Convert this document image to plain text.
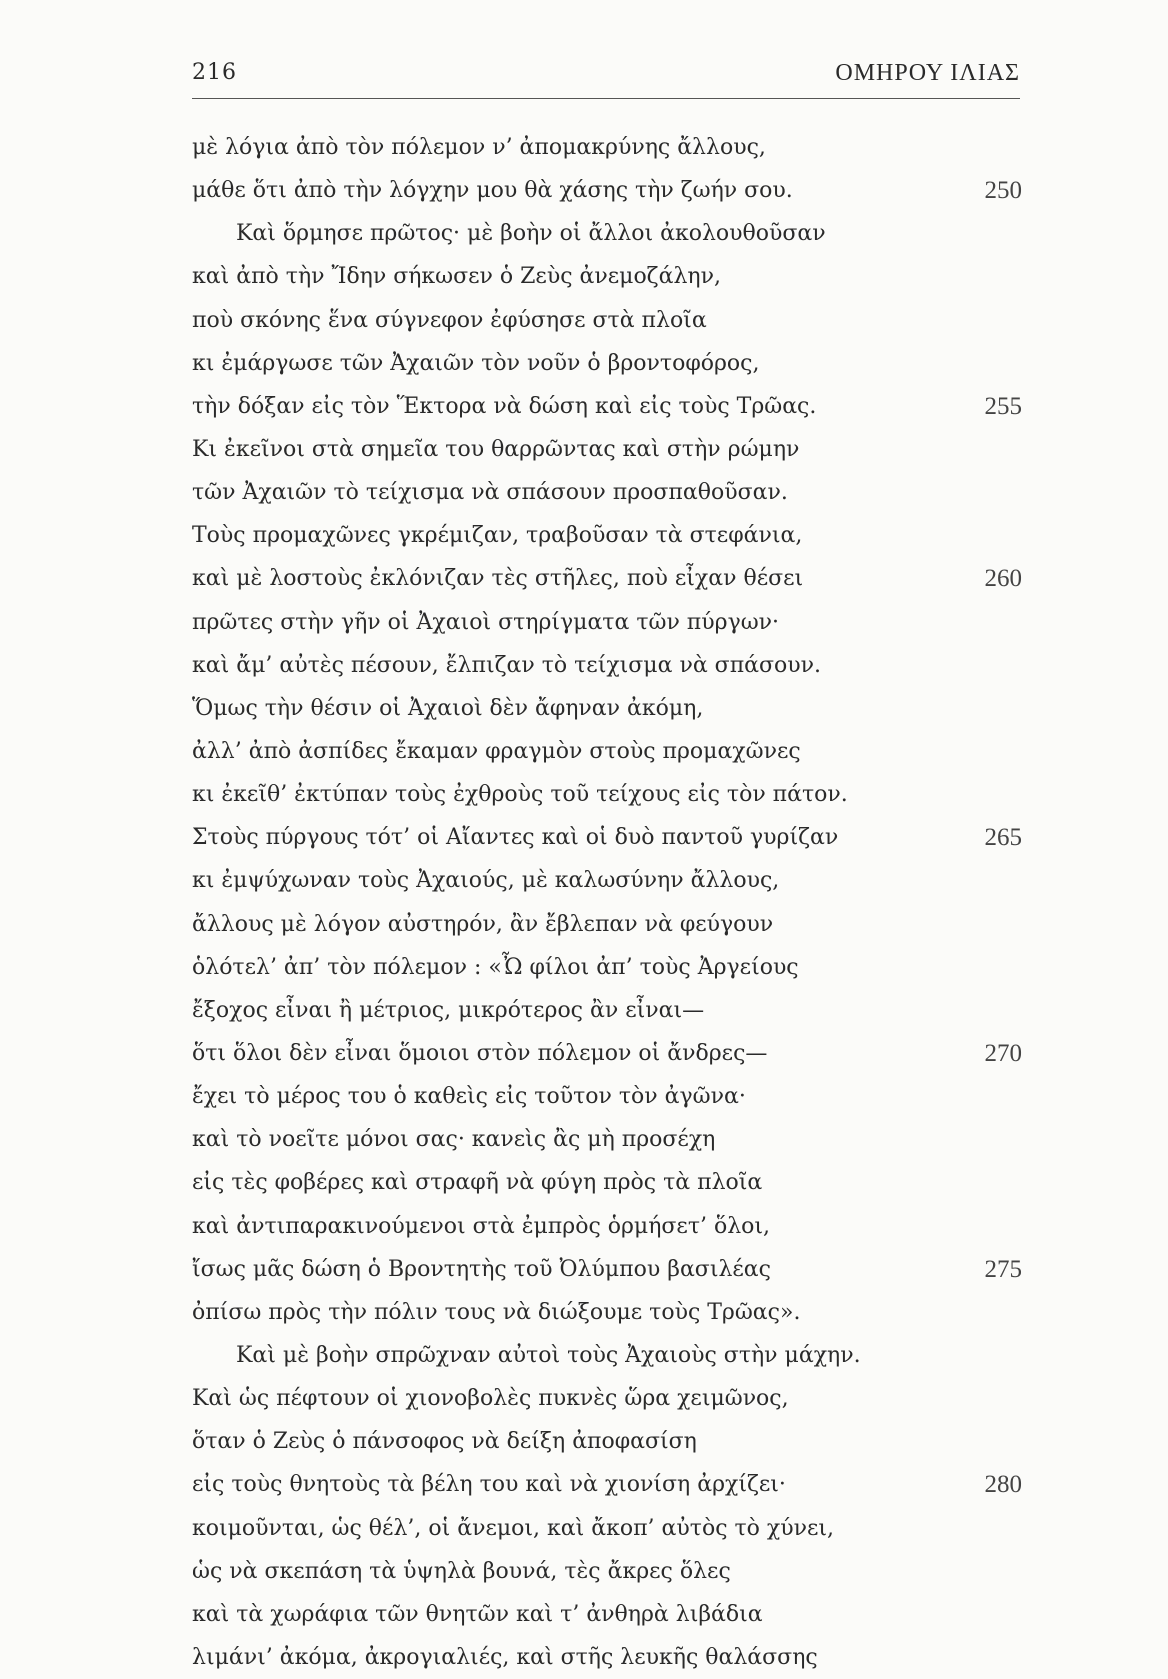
216	ΟΜΗΡΟΥ ΙΛΙΑΣ
μὲ λόγια ἀπὸ τὸν πόλεμον ν’ ἀπομακρύνης ἄλλους,
μάθε ὅτι ἀπὸ τὴν λόγχην μου θὰ χάσης τὴν ζωήν σου.	250
Καὶ ὅρμησε πρῶτος· μὲ βοὴν οἱ ἄλλοι ἀκολουθοῦσαν
καὶ ἀπὸ τὴν Ἴδην σήκωσεν ὁ Ζεὺς ἀνεμοζάλην,
ποὺ σκόνης ἕνα σύγνεφον ἐφύσησε στὰ πλοῖα
κι ἐμάργωσε τῶν Ἀχαιῶν τὸν νοῦν ὁ βροντοφόρος,
τὴν δόξαν εἰς τὸν Ἕκτορα νὰ δώση καὶ εἰς τοὺς Τρῶας.	255
Κι ἐκεῖνοι στὰ σημεῖα του θαρρῶντας καὶ στὴν ρώμην
τῶν Ἀχαιῶν τὸ τείχισμα νὰ σπάσουν προσπαθοῦσαν.
Τοὺς προμαχῶνες γκρέμιζαν, τραβοῦσαν τὰ στεφάνια,
καὶ μὲ λοστοὺς ἐκλόνιζαν τὲς στῆλες, ποὺ εἶχαν θέσει	260
πρῶτες στὴν γῆν οἱ Ἀχαιοὶ στηρίγματα τῶν πύργων·
καὶ ἄμ’ αὐτὲς πέσουν, ἔλπιζαν τὸ τείχισμα νὰ σπάσουν.
Ὅμως τὴν θέσιν οἱ Ἀχαιοὶ δὲν ἄφηναν ἀκόμη,
ἀλλ’ ἀπὸ ἀσπίδες ἔκαμαν φραγμὸν στοὺς προμαχῶνες
κι ἐκεῖθ’ ἐκτύπαν τοὺς ἐχθροὺς τοῦ τείχους εἰς τὸν πάτον.
Στοὺς πύργους τότ’ οἱ Αἴαντες καὶ οἱ δυὸ παντοῦ γυρίζαν	265
κι ἐμψύχωναν τοὺς Ἀχαιούς, μὲ καλωσύνην ἄλλους,
ἄλλους μὲ λόγον αὐστηρόν, ἂν ἔβλεπαν νὰ φεύγουν
ὁλότελ’ ἀπ’ τὸν πόλεμον : «Ὦ φίλοι ἀπ’ τοὺς Ἀργείους
ἔξοχος εἶναι ἢ μέτριος, μικρότερος ἂν εἶναι—
ὅτι ὅλοι δὲν εἶναι ὅμοιοι στὸν πόλεμον οἱ ἄνδρες—	270
ἔχει τὸ μέρος του ὁ καθεὶς εἰς τοῦτον τὸν ἀγῶνα·
καὶ τὸ νοεῖτε μόνοι σας· κανεὶς ἂς μὴ προσέχη
εἰς τὲς φοβέρες καὶ στραφῆ νὰ φύγη πρὸς τὰ πλοῖα
καὶ ἀντιπαρακινούμενοι στὰ ἐμπρὸς ὁρμήσετ’ ὅλοι,
ἴσως μᾶς δώση ὁ Βροντητὴς τοῦ Ὀλύμπου βασιλέας	275
ὀπίσω πρὸς τὴν πόλιν τους νὰ διώξουμε τοὺς Τρῶας».
Καὶ μὲ βοὴν σπρῶχναν αὐτοὶ τοὺς Ἀχαιοὺς στὴν μάχην.
Καὶ ὡς πέφτουν οἱ χιονοβολὲς πυκνὲς ὥρα χειμῶνος,
ὅταν ὁ Ζεὺς ὁ πάνσοφος νὰ δείξη ἀποφασίση
εἰς τοὺς θνητοὺς τὰ βέλη του καὶ νὰ χιονίση ἀρχίζει·	280
κοιμοῦνται, ὡς θέλ’, οἱ ἄνεμοι, καὶ ἄκοπ’ αὐτὸς τὸ χύνει,
ὡς νὰ σκεπάση τὰ ὑψηλὰ βουνά, τὲς ἄκρες ὅλες
καὶ τὰ χωράφια τῶν θνητῶν καὶ τ’ ἀνθηρὰ λιβάδια
λιμάνι’ ἀκόμα, ἀκρογιαλιές, καὶ στῆς λευκῆς θαλάσσης
